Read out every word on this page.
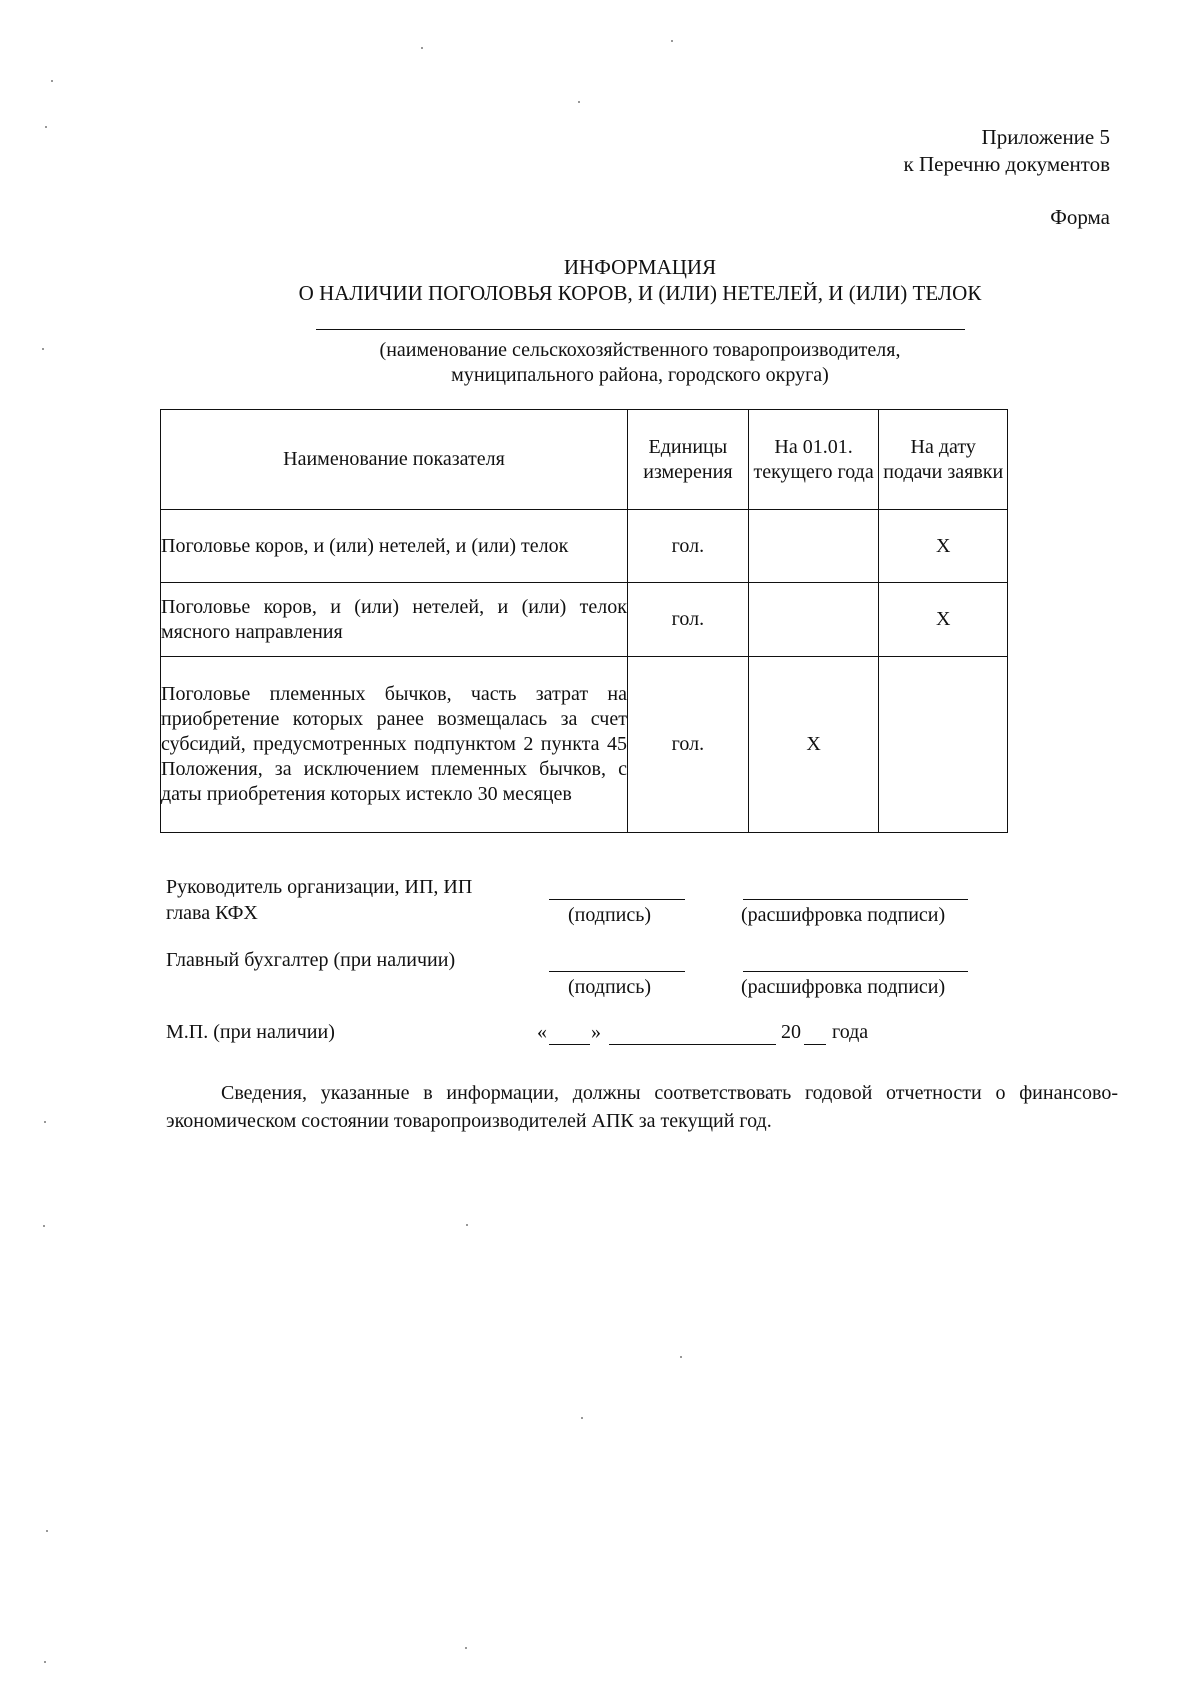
Приложение 5
к Перечню документов
Форма
ИНФОРМАЦИЯ
О НАЛИЧИИ ПОГОЛОВЬЯ КОРОВ, И (ИЛИ) НЕТЕЛЕЙ, И (ИЛИ) ТЕЛОК
(наименование сельскохозяйственного товаропроизводителя,
муниципального района, городского округа)
Наименование показателя	Единицы измерения	На 01.01. текущего года	На дату подачи заявки
Поголовье коров, и (или) нетелей, и (или) телок	гол.		X
Поголовье коров, и (или) нетелей, и (или) телок мясного направления	гол.		X
Поголовье племенных бычков, часть затрат на приобретение которых ранее возмещалась за счет субсидий, предусмотренных подпунктом 2 пункта 45 Положения, за исключением племенных бычков, с даты приобретения которых истекло 30 месяцев	гол.	X	
Руководитель организации, ИП, ИП
глава КФХ	(подпись)	(расшифровка подписи)
Главный бухгалтер (при наличии)
(подпись)	(расшифровка подписи)
М.П. (при наличии)	« »	20 года
Сведения, указанные в информации, должны соответствовать годовой отчетности о финансово-экономическом состоянии товаропроизводителей АПК за текущий год.
